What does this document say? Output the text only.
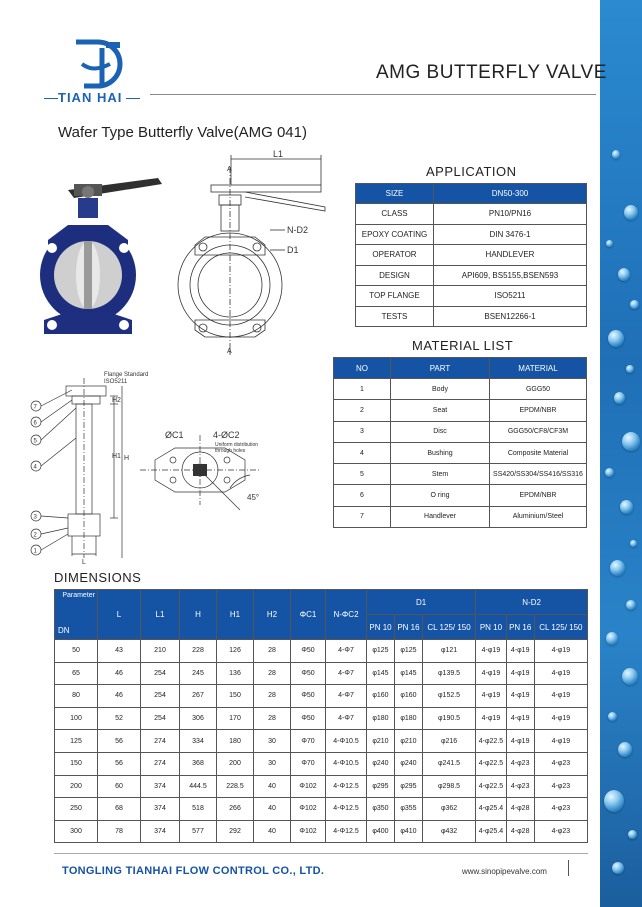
TIAN HAI
AMG BUTTERFLY VALVE
Wafer Type Butterfly Valve(AMG 041)
L1
A
A
N-D2
D1
Flange Standard
ISO5211
H2
H1 H
L
7
6
5
4
3
2
1
ØC1	4-ØC2
Uniform distribution
through holes
45°
APPLICATION
SIZE	DN50-300
CLASS	PN10/PN16
EPOXY COATING	DIN 3476-1
OPERATOR	HANDLEVER
DESIGN	API609, BS5155,BSEN593
TOP FLANGE	ISO5211
TESTS	BSEN12266-1
MATERIAL LIST
NO	PART	MATERIAL
1	Body	GGG50
2	Seat	EPDM/NBR
3	Disc	GGG50/CF8/CF3M
4	Bushing	Composite Material
5	Stem	SS420/SS304/SS416/SS316
6	O ring	EPDM/NBR
7	Handlever	Aluminium/Steel
DIMENSIONS
Parameter
DN	L	L1	H	H1	H2	ΦC1	N-ΦC2	D1			N-D2		
								PN 10	PN 16	CL 125/ 150	PN 10	PN 16	CL 125/ 150
50	43	210	228	126	28	Φ50	4-Φ7	φ125	φ125	φ121	4-φ19	4-φ19	4-φ19
65	46	254	245	136	28	Φ50	4-Φ7	φ145	φ145	φ139.5	4-φ19	4-φ19	4-φ19
80	46	254	267	150	28	Φ50	4-Φ7	φ160	φ160	φ152.5	4-φ19	4-φ19	4-φ19
100	52	254	306	170	28	Φ50	4-Φ7	φ180	φ180	φ190.5	4-φ19	4-φ19	4-φ19
125	56	274	334	180	30	Φ70	4-Φ10.5	φ210	φ210	φ216	4-φ22.5	4-φ19	4-φ19
150	56	274	368	200	30	Φ70	4-Φ10.5	φ240	φ240	φ241.5	4-φ22.5	4-φ23	4-φ23
200	60	374	444.5	228.5	40	Φ102	4-Φ12.5	φ295	φ295	φ298.5	4-φ22.5	4-φ23	4-φ23
250	68	374	518	266	40	Φ102	4-Φ12.5	φ350	φ355	φ362	4-φ25.4	4-φ28	4-φ23
300	78	374	577	292	40	Φ102	4-Φ12.5	φ400	φ410	φ432	4-φ25.4	4-φ28	4-φ23
TONGLING TIANHAI FLOW CONTROL CO., LTD.	www.sinopipevalve.com
